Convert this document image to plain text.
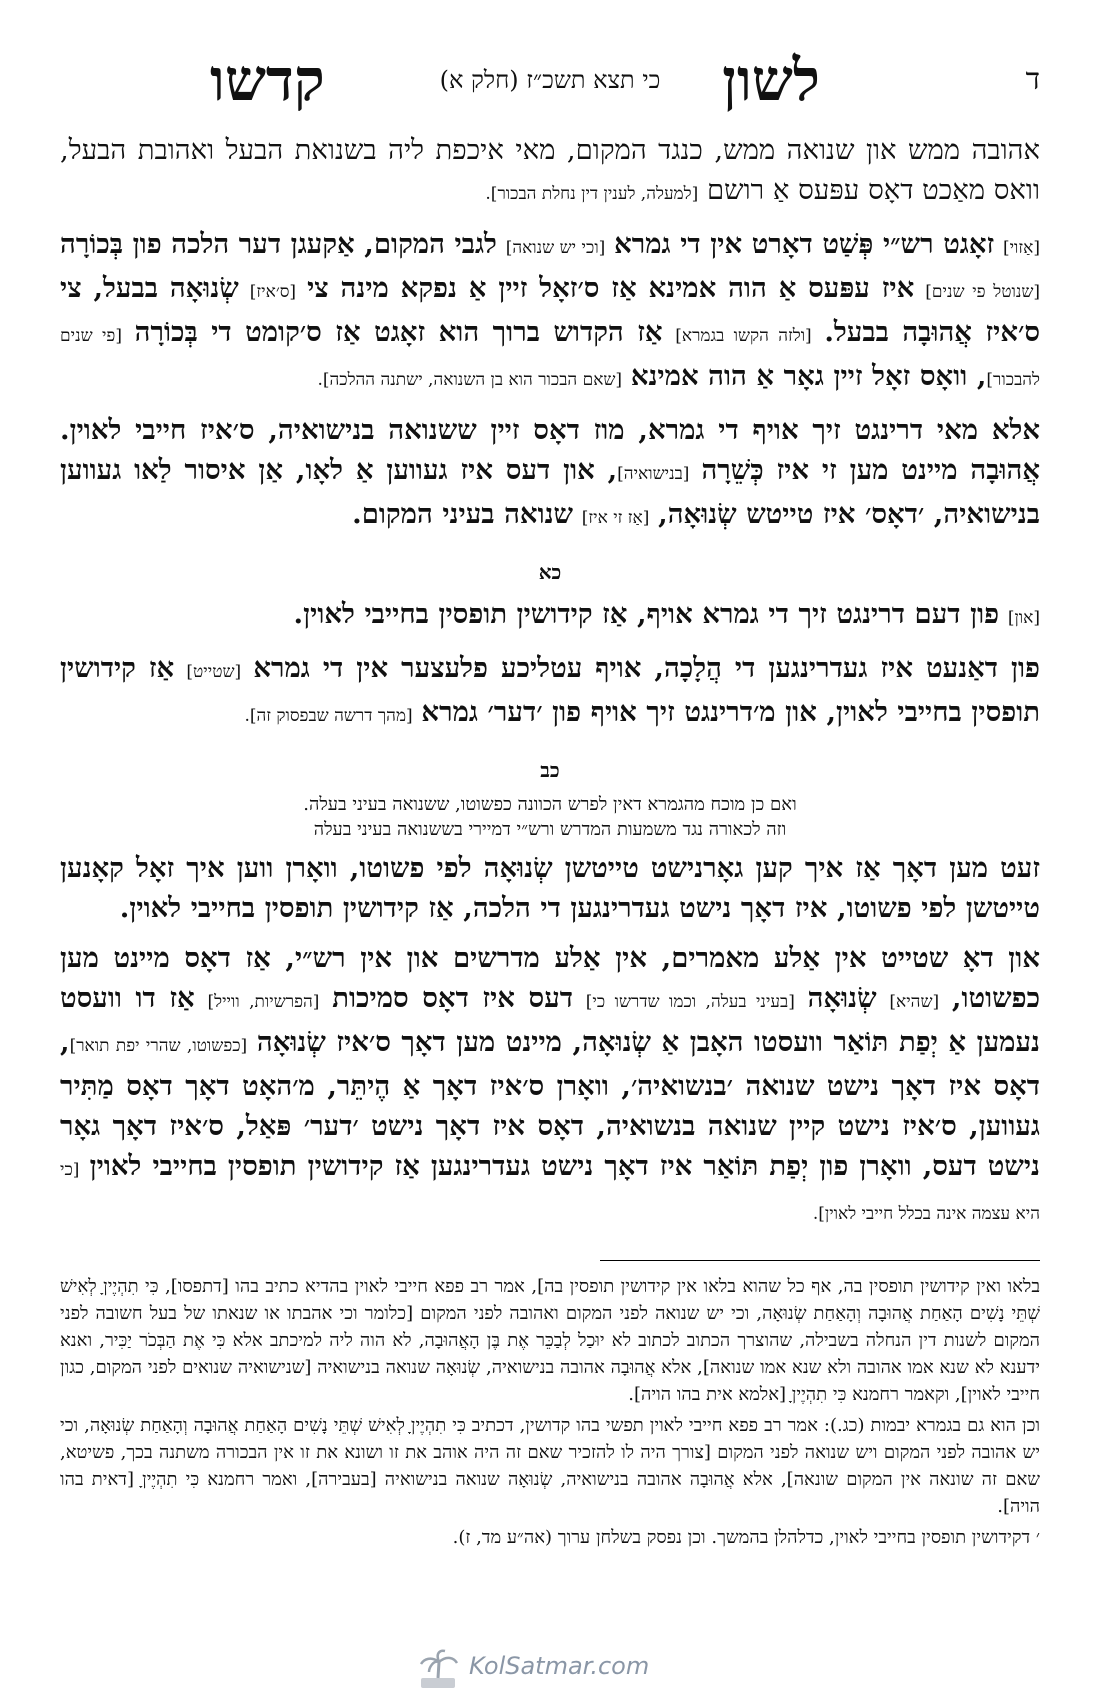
ד
לשון
כי תצא תשכ״ז (חלק א)
קדשו

אהובה ממש און שנואה ממש, כנגד המקום, מאי איכפת ליה בשנואת הבעל ואהובת הבעל, וואס מאַכט דאָס עפּעס אַ רושם [למעלה, לענין דין נחלת הבכור].

[אַזוי] זאָגט רש״י פְּשַׁט דאָרט אין די גמרא [וכי יש שנואה] לגבי המקום, אַקעגן דער הלכה פון בְּכוֹרָה [שנוטל פי שנים] איז עפּעס אַ הוה אמינא אַז ס׳זאָל זיין אַ נפקא מינה צי [ס׳איז] שְׂנוּאָה בבעל, צי ס׳איז אֲהוּבָה בבעל. [ולזה הקשו בגמרא] אַז הקדוש ברוך הוא זאָגט אַז ס׳קומט די בְּכוֹרָה [פי שנים להבכור], וואָס זאָל זיין גאָר אַ הוה אמינא [שאם הבכור הוא בן השנואה, ישתנה ההלכה].

אלא מאי דרינגט זיך אויף די גמרא, מוז דאָס זיין ששנואה בנישואיה, ס׳איז חייבי לאוין. אֲהוּבָה מיינט מען זי איז כְּשֵׁרָה [בנישואיה], און דעס איז געווען אַ לאָו, אַן איסור לַאו געווען בנישואיה, ׳דאָס׳ איז טייטש שְׂנוּאָה, [אַז זי איז] שנואה בעיני המקום.

כא

[און] פון דעם דרינגט זיך די גמרא אויף, אַז קידושין תופסין בחייבי לאוין.

פון דאַנעט איז געדרינגען די הֲלָכָה, אויף עטליכע פלעצער אין די גמרא [שטייט] אַז קידושין תופסין בחייבי לאוין, און מ׳דרינגט זיך אויף פון ׳דער׳ גמרא [מהך דרשה שבפסוק זה].

כב
ואם כן מוכח מהגמרא דאין לפרש הכוונה כפשוטו, ששנואה בעיני בעלה.
וזה לכאורה נגד משמעות המדרש ורש״י דמיירי בששנואה בעיני בעלה

זעט מען דאָך אַז איך קען גאָרנישט טייטשן שְׂנוּאָה לפי פשוטו, וואָרן ווען איך זאָל קאָנען טייטשן לפי פשוטו, איז דאָך נישט געדרינגען די הלכה, אַז קידושין תופסין בחייבי לאוין.

און דאָ שטייט אין אַלע מאמרים, אין אַלע מדרשים און אין רש״י, אַז דאָס מיינט מען כפשוטו, [שהיא] שְׂנוּאָה [בעיני בעלה, וכמו שדרשו כי] דעס איז דאָס סמיכות [הפרשיות, ווייל] אַז דו וועסט נעמען אַ יְפַת תּוֹאַר וועסטו האָבן אַ שְׂנוּאָה, מיינט מען דאָך ס׳איז שְׂנוּאָה [כפשוטו, שהרי יפת תואר], דאָס איז דאָך נישט שנואה ׳בנשואיה׳, וואָרן ס׳איז דאָך אַ הֶיתֵּר, מ׳האָט דאָך דאָס מַתִּיר געווען, ס׳איז נישט קיין שנואה בנשואיה, דאָס איז דאָך נישט ׳דער׳ פּאַל, ס׳איז דאָך גאָר נישט דעס, וואָרן פון יְפַת תּוֹאַר איז דאָך נישט געדרינגען אַז קידושין תופסין בחייבי לאוין [כי היא עצמה אינה בכלל חייבי לאוין].

בלאו ואין קידושין תופסין בה, אף כל שהוא בלאו אין קידושין תופסין בה], אמר רב פפא חייבי לאוין בהדיא כתיב בהו [דתפסו], כִּי תִהְיֶיןָ לְאִישׁ שְׁתֵּי נָשִׁים הָאַחַת אֲהוּבָה וְהָאַחַת שְׂנוּאָה, וכי יש שנואה לפני המקום ואהובה לפני המקום [כלומר וכי אהבתו או שנאתו של בעל חשובה לפני המקום לשנות דין הנחלה בשבילה, שהוצרך הכתוב לכתוב לא יוּכַל לְבַכֵּר אֶת בֶּן הָאֲהוּבָה, לא הוה ליה למיכתב אלא כִּי אֶת הַבְּכֹר יַכִּיר, ואנא ידענא לא שנא אמו אהובה ולא שנא אמו שנואה], אלא אֲהוּבָה אהובה בנישואיה, שְׂנוּאָה שנואה בנישואיה [שנישואיה שנואים לפני המקום, כגון חייבי לאוין], וקאמר רחמנא כִּי תִהְיֶיןָ [אלמא אית בהו הויה].

וכן הוא גם בגמרא יבמות (כג.): אמר רב פפא חייבי לאוין תפשי בהו קדושין, דכתיב כִּי תִהְיֶיןָ לְאִישׁ שְׁתֵּי נָשִׁים הָאַחַת אֲהוּבָה וְהָאַחַת שְׂנוּאָה, וכי יש אהובה לפני המקום ויש שנואה לפני המקום [צורך היה לו להזכיר שאם זה היה אוהב את זו ושונא את זו אין הבכורה משתנה בכך, פשיטא, שאם זה שונאה אין המקום שונאה], אלא אֲהוּבָה אהובה בנישואיה, שְׂנוּאָה שנואה בנישואיה [בעבירה], ואמר רחמנא כִּי תִהְיֶיןָ [דאית בהו הויה].

׳ דקידושין תופסין בחייבי לאוין, כדלהלן בהמשך. וכן נפסק בשלחן ערוך (אה״ע מד, ז).

KolSatmar.com
